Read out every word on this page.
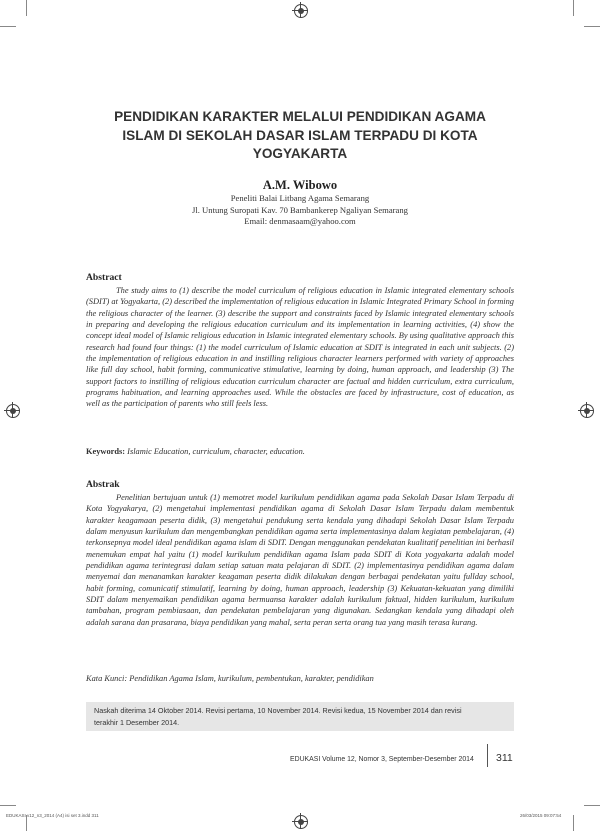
PENDIDIKAN KARAKTER MELALUI PENDIDIKAN AGAMA
ISLAM DI SEKOLAH DASAR ISLAM TERPADU DI KOTA
YOGYAKARTA
A.M. Wibowo
Peneliti Balai Litbang Agama Semarang
Jl. Untung Suropati Kav. 70 Bambankerep Ngaliyan Semarang
Email: denmasaam@yahoo.com
Abstract
The study aims to (1) describe the model curriculum of religious education in Islamic integrated elementary schools (SDIT) at Yogyakarta, (2) described the implementation of religious education in Islamic Integrated Primary School in forming the religious character of the learner. (3) describe the support and constraints faced by Islamic integrated elementary schools in preparing and developing the religious education curriculum and its implementation in learning activities, (4) show the concept ideal model of Islamic religious education in Islamic integrated elementary schools. By using qualitative approach this research had found four things: (1) the model curriculum of Islamic education at SDIT is integrated in each unit subjects. (2) the implementation of religious education in and instilling religious character learners performed with variety of approaches like full day school, habit forming, communicative stimulative, learning by doing, human approach, and leadership (3) The support factors to instilling of religious education curriculum character are factual and hidden curriculum, extra curriculum, programs habituation, and learning approaches used. While the obstacles are faced by infrastructure, cost of education, as well as the participation of parents who still feels less.
Keywords: Islamic Education, curriculum, character, education.
Abstrak
Penelitian bertujuan untuk (1) memotret model kurikulum pendidikan agama pada Sekolah Dasar Islam Terpadu di Kota Yogyakarya, (2) mengetahui implementasi pendidikan agama di Sekolah Dasar Islam Terpadu dalam membentuk karakter keagamaan peserta didik, (3) mengetahui pendukung serta kendala yang dihadapi Sekolah Dasar Islam Terpadu dalam menyusun kurikulum dan mengembangkan pendidikan agama serta implementasinya dalam kegiatan pembelajaran, (4) terkonsepnya model ideal pendidikan agama islam di SDIT. Dengan menggunakan pendekatan kualitatif penelitian ini berhasil menemukan empat hal yaitu (1) model kurikulum pendidikan agama Islam pada SDIT di Kota yogyakarta adalah model pendidikan agama terintegrasi dalam setiap satuan mata pelajaran di SDIT. (2) implementasinya pendidikan agama dalam menyemai dan menanamkan karakter keagaman peserta didik dilakukan dengan berbagai pendekatan yaitu fullday school, habit forming, comunicatif stimulatif, learning by doing, human approach, leadership (3) Kekuatan-kekuatan yang dimiliki SDIT dalam menyemaikan pendidikan agama bermuansa karakter adalah kurikulum faktual, hidden kurikulum, kurikulum tambahan, program pembiasaan, dan pendekatan pembelajaran yang digunakan. Sedangkan kendala yang dihadapi oleh adalah sarana dan prasarana, biaya pendidikan yang mahal, serta peran serta orang tua yang masih terasa kurang.
Kata Kunci: Pendidikan Agama Islam, kurikulum, pembentukan, karakter, pendidikan
Naskah diterima 14 Oktober 2014. Revisi pertama, 10 November 2014. Revisi kedua, 15 November 2014 dan revisi
terakhir 1 Desember 2014.
EDUKASI Volume 12, Nomor 3, September-Desember 2014 311
EDUKASI v12_n3_2014 (A4) isi set 3.indd 311	26/03/2015 09:07:54
